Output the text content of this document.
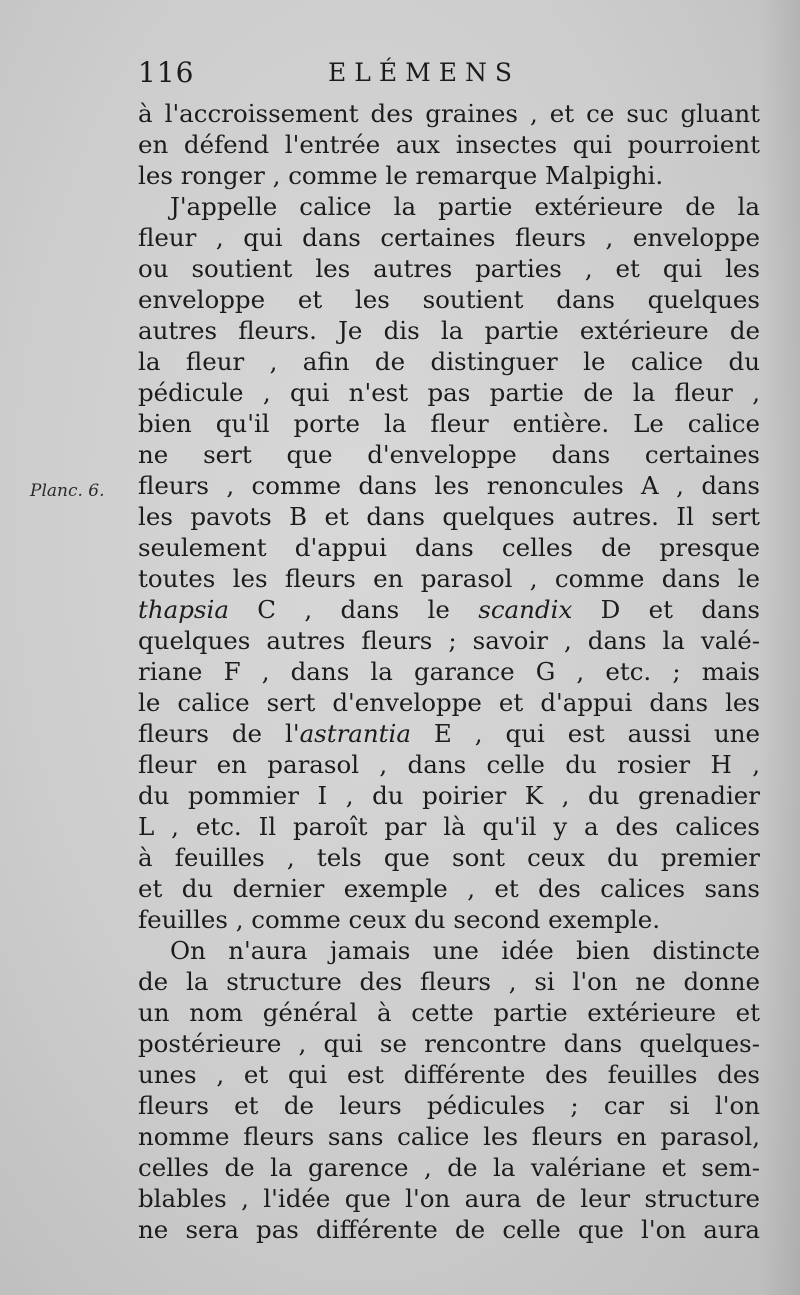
116	ELÉMENS
Planc. 6.
à l'accroissement des graines , et ce suc gluant
en défend l'entrée aux insectes qui pourroient
les ronger , comme le remarque Malpighi.
J'appelle calice la partie extérieure de la
fleur , qui dans certaines fleurs , enveloppe
ou soutient les autres parties , et qui les
enveloppe et les soutient dans quelques
autres fleurs. Je dis la partie extérieure de
la fleur , afin de distinguer le calice du
pédicule , qui n'est pas partie de la fleur ,
bien qu'il porte la fleur entière. Le calice
ne sert que d'enveloppe dans certaines
fleurs , comme dans les renoncules A , dans
les pavots B et dans quelques autres. Il sert
seulement d'appui dans celles de presque
toutes les fleurs en parasol , comme dans le
thapsia C , dans le scandix D et dans
quelques autres fleurs ; savoir , dans la valé-
riane F , dans la garance G , etc. ; mais
le calice sert d'enveloppe et d'appui dans les
fleurs de l'astrantia E , qui est aussi une
fleur en parasol , dans celle du rosier H ,
du pommier I , du poirier K , du grenadier
L , etc. Il paroît par là qu'il y a des calices
à feuilles , tels que sont ceux du premier
et du dernier exemple , et des calices sans
feuilles , comme ceux du second exemple.
On n'aura jamais une idée bien distincte
de la structure des fleurs , si l'on ne donne
un nom général à cette partie extérieure et
postérieure , qui se rencontre dans quelques-
unes , et qui est différente des feuilles des
fleurs et de leurs pédicules ; car si l'on
nomme fleurs sans calice les fleurs en parasol,
celles de la garence , de la valériane et sem-
blables , l'idée que l'on aura de leur structure
ne sera pas différente de celle que l'on aura
